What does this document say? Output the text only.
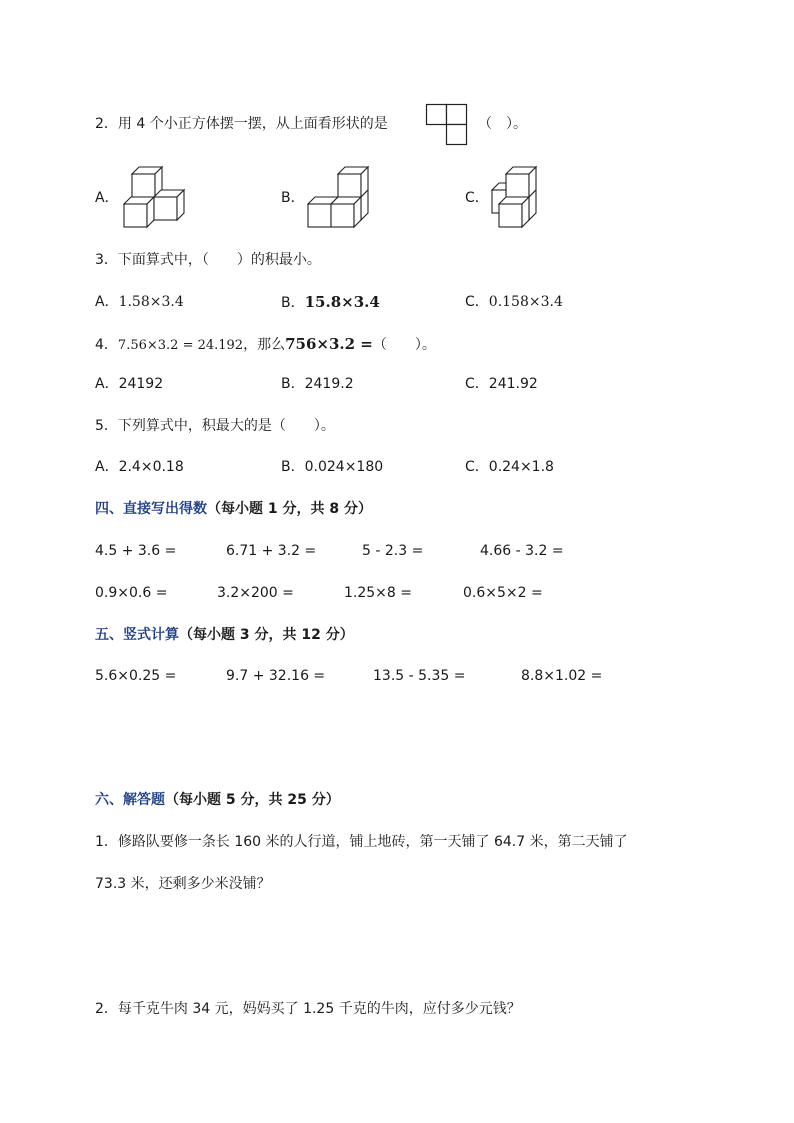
2．用 4 个小正方体摆一摆，从上面看形状的是	（　）。
A．	B．	C．
3．下面算式中，（　　）的积最小。
A．1.58×3.4	B．15.8×3.4	C．0.158×3.4
4．7.56×3.2 = 24.192，那么756×3.2 =（　　）。
A．24192	B．2419.2	C．241.92
5．下列算式中，积最大的是（　　）。
A．2.4×0.18	B．0.024×180	C．0.24×1.8
四、直接写出得数（每小题 1 分，共 8 分）
4.5 + 3.6 =	6.71 + 3.2 =	5 - 2.3 =	4.66 - 3.2 =
0.9×0.6 =	3.2×200 =	1.25×8 =	0.6×5×2 =
五、竖式计算（每小题 3 分，共 12 分）
5.6×0.25 =	9.7 + 32.16 =	13.5 - 5.35 =	8.8×1.02 =
六、解答题（每小题 5 分，共 25 分）
1．修路队要修一条长 160 米的人行道，铺上地砖，第一天铺了 64.7 米，第二天铺了
73.3 米，还剩多少米没铺？
2．每千克牛肉 34 元，妈妈买了 1.25 千克的牛肉，应付多少元钱？
